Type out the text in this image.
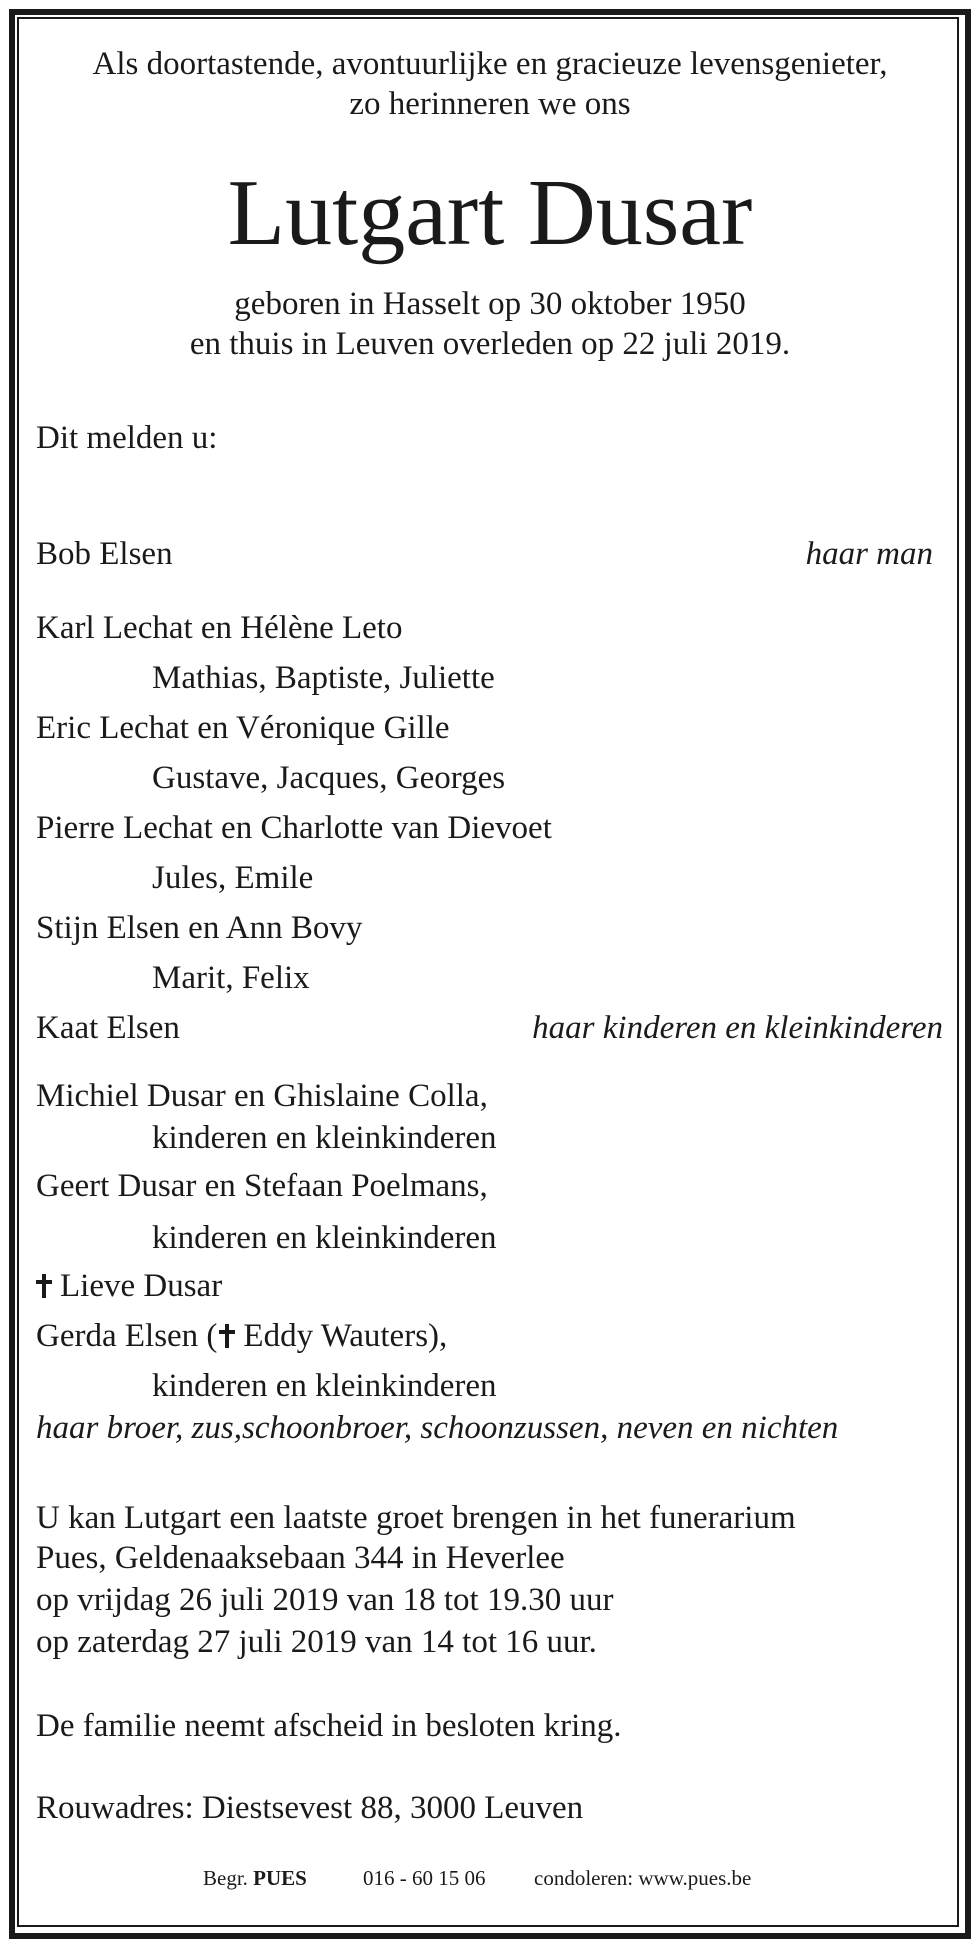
Als doortastende, avontuurlijke en gracieuze levensgenieter,
zo herinneren we ons
Lutgart Dusar
geboren in Hasselt op 30 oktober 1950
en thuis in Leuven overleden op 22 juli 2019.
Dit melden u:
Bob Elsen	haar man
Karl Lechat en Hélène Leto
Mathias, Baptiste, Juliette
Eric Lechat en Véronique Gille
Gustave, Jacques, Georges
Pierre Lechat en Charlotte van Dievoet
Jules, Emile
Stijn Elsen en Ann Bovy
Marit, Felix
Kaat Elsen	haar kinderen en kleinkinderen
Michiel Dusar en Ghislaine Colla,
kinderen en kleinkinderen
Geert Dusar en Stefaan Poelmans,
kinderen en kleinkinderen
Lieve Dusar
Gerda Elsen ( Eddy Wauters),
kinderen en kleinkinderen
haar broer, zus,schoonbroer, schoonzussen, neven en nichten
U kan Lutgart een laatste groet brengen in het funerarium
Pues, Geldenaaksebaan 344 in Heverlee
op vrijdag 26 juli 2019 van 18 tot 19.30 uur
op zaterdag 27 juli 2019 van 14 tot 16 uur.
De familie neemt afscheid in besloten kring.
Rouwadres: Diestsevest 88, 3000 Leuven
Begr. PUES	016 - 60 15 06 condoleren: www.pues.be
